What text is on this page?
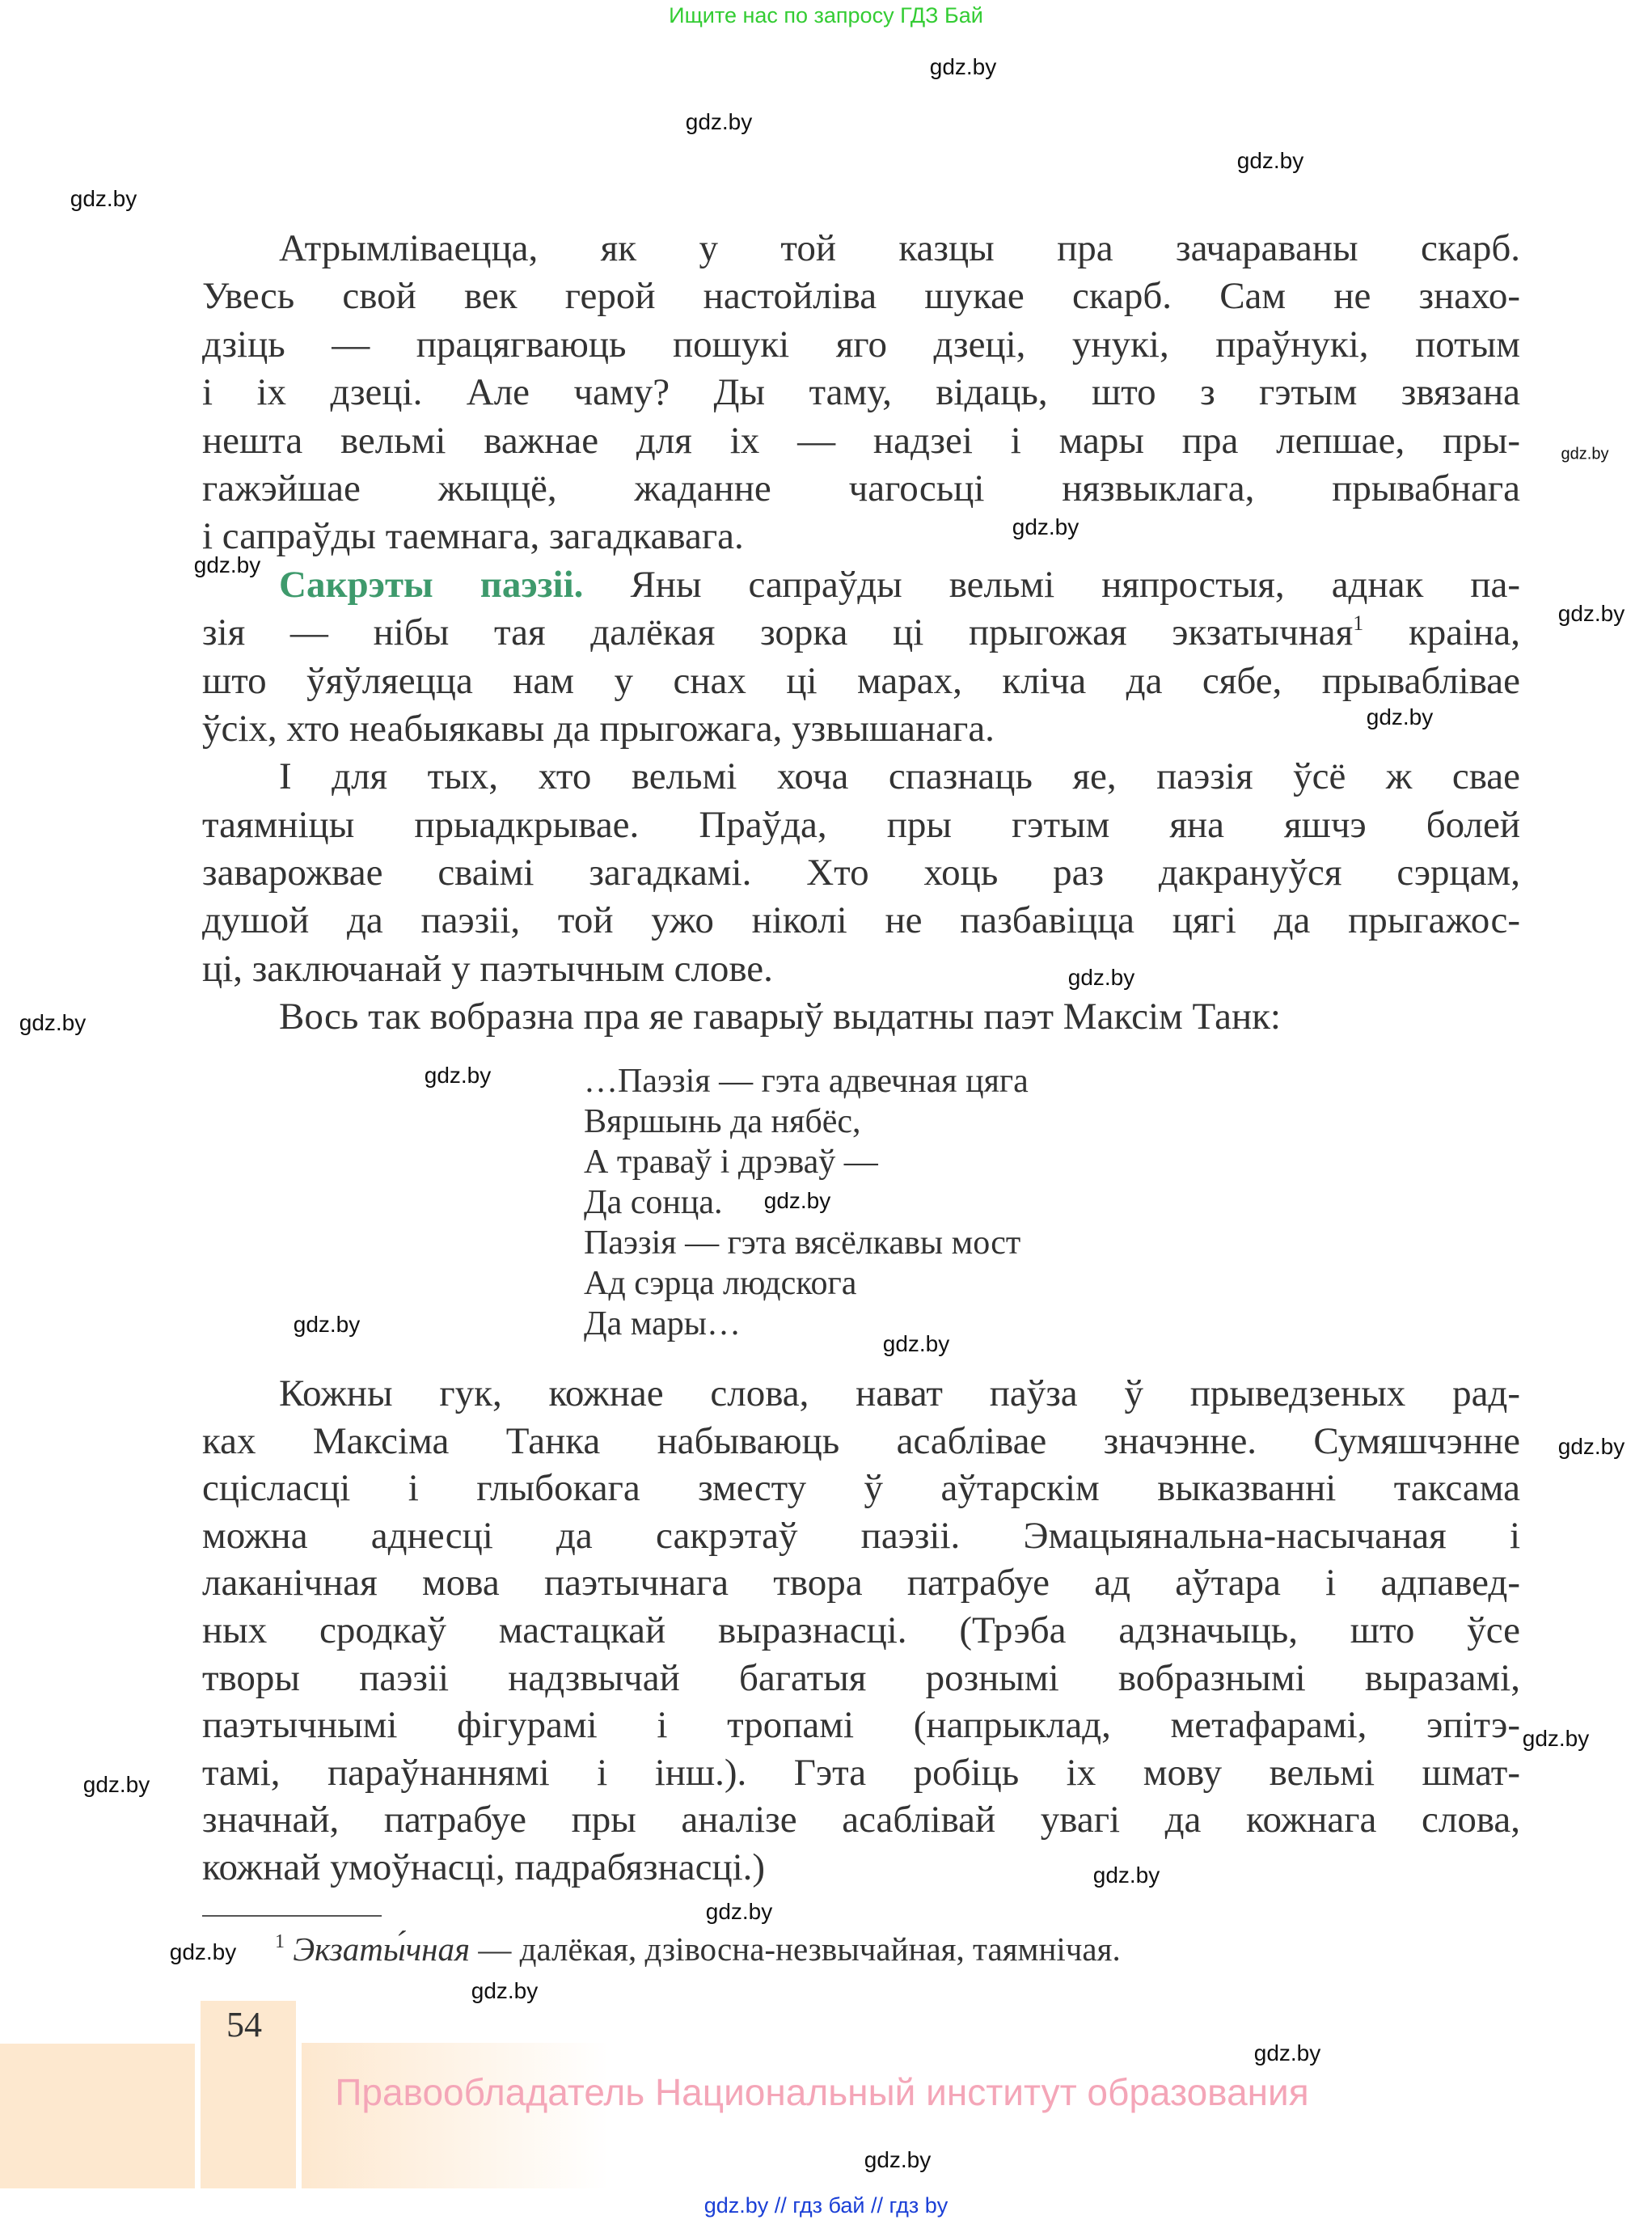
Ищите нас по запросу ГДЗ Бай
Атрымліваецца, як у той казцы пра зачараваны скарб.
Увесь свой век герой настойліва шукае скарб. Сам не знахо-
дзіць — працягваюць пошукі яго дзеці, унукі, праўнукі, потым
і іх дзеці. Але чаму? Ды таму, відаць, што з гэтым звязана
нешта вельмі важнае для іх — надзеі і мары пра лепшае, пры-
гажэйшае жыццё, жаданне чагосьці нязвыклага, прывабнага
і сапраўды таемнага, загадкавага.
Сакрэты паэзіі. Яны сапраўды вельмі няпростыя, аднак па-
зія — нібы тая далёкая зорка ці прыгожая экзатычная$^1$ краіна,
што ўяўляецца нам у снах ці марах, кліча да сябе, прываблівае
ўсіх, хто неабыякавы да прыгожага, узвышанага.
І для тых, хто вельмі хоча спазнаць яе, паэзія ўсё ж свае
таямніцы прыадкрывае. Праўда, пры гэтым яна яшчэ болей
заварожвае сваімі загадкамі. Хто хоць раз дакрануўся сэрцам,
душой да паэзіі, той ужо ніколі не пазбавіцца цягі да прыгажос-
ці, заключанай у паэтычным слове.
Вось так вобразна пра яе гаварыў выдатны паэт Максім Танк:
…Паэзія — гэта адвечная цяга
Вяршынь да нябёс,
А траваў і дрэваў —
Да сонца.
Паэзія — гэта вясёлкавы мост
Ад сэрца людскога
Да мары…
Кожны гук, кожнае слова, нават паўза ў прыведзеных рад-
ках Максіма Танка набываюць асаблівае значэнне. Сумяшчэнне
сцісласці і глыбокага зместу ў аўтарскім выказванні таксама
можна аднесці да сакрэтаў паэзіі. Эмацыянальна-насычаная і
лаканічная мова паэтычнага твора патрабуе ад аўтара і адпавед-
ных сродкаў мастацкай выразнасці. (Трэба адзначыць, што ўсе
творы паэзіі надзвычай багатыя рознымі вобразнымі выразамі,
паэтычнымі фігурамі і тропамі (напрыклад, метафарамі, эпітэ-
тамі, параўнаннямі і інш.). Гэта робіць іх мову вельмі шмат-
значнай, патрабуе пры аналізе асаблівай увагі да кожнага слова,
кожнай умоўнасці, падрабязнасці.)
$^1$ Экзаты́чная — далёкая, дзівосна-незвычайная, таямнічая.
54
Правообладатель Национальный институт образования
gdz.by // гдз бай // гдз by
gdz.by
gdz.by
gdz.by
gdz.by
gdz.by
gdz.by
gdz.by
gdz.by
gdz.by
gdz.by
gdz.by
gdz.by
gdz.by
gdz.by
gdz.by
gdz.by
gdz.by
gdz.by
gdz.by
gdz.by
gdz.by
gdz.by
gdz.by
gdz.by
